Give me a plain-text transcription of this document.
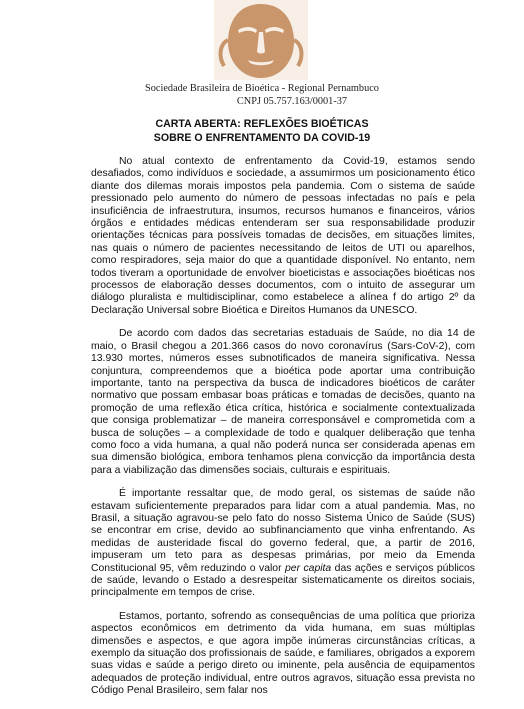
Sociedade Brasileira de Bioética - Regional Pernambuco
CNPJ 05.757.163/0001-37
CARTA ABERTA: REFLEXÕES BIOÉTICAS
SOBRE O ENFRENTAMENTO DA COVID-19

No atual contexto de enfrentamento da Covid-19, estamos sendo desafiados, como indivíduos e sociedade, a assumirmos um posicionamento ético diante dos dilemas morais impostos pela pandemia. Com o sistema de saúde pressionado pelo aumento do número de pessoas infectadas no país e pela insuficiência de infraestrutura, insumos, recursos humanos e financeiros, vários órgãos e entidades médicas entenderam ser sua responsabilidade produzir orientações técnicas para possíveis tomadas de decisões, em situações limites, nas quais o número de pacientes necessitando de leitos de UTI ou aparelhos, como respiradores, seja maior do que a quantidade disponível. No entanto, nem todos tiveram a oportunidade de envolver bioeticistas e associações bioéticas nos processos de elaboração desses documentos, com o intuito de assegurar um diálogo pluralista e multidisciplinar, como estabelece a alínea f do artigo 2º da Declaração Universal sobre Bioética e Direitos Humanos da UNESCO.

De acordo com dados das secretarias estaduais de Saúde, no dia 14 de maio, o Brasil chegou a 201.366 casos do novo coronavírus (Sars-CoV-2), com 13.930 mortes, números esses subnotificados de maneira significativa. Nessa conjuntura, compreendemos que a bioética pode aportar uma contribuição importante, tanto na perspectiva da busca de indicadores bioéticos de caráter normativo que possam embasar boas práticas e tomadas de decisões, quanto na promoção de uma reflexão ética crítica, histórica e socialmente contextualizada que consiga problematizar – de maneira corresponsável e comprometida com a busca de soluções – a complexidade de todo e qualquer deliberação que tenha como foco a vida humana, a qual não poderá nunca ser considerada apenas em sua dimensão biológica, embora tenhamos plena convicção da importância desta para a viabilização das dimensões sociais, culturais e espirituais.

É importante ressaltar que, de modo geral, os sistemas de saúde não estavam suficientemente preparados para lidar com a atual pandemia. Mas, no Brasil, a situação agravou-se pelo fato do nosso Sistema Único de Saúde (SUS) se encontrar em crise, devido ao subfinanciamento que vinha enfrentando. As medidas de austeridade fiscal do governo federal, que, a partir de 2016, impuseram um teto para as despesas primárias, por meio da Emenda Constitucional 95, vêm reduzindo o valor per capita das ações e serviços públicos de saúde, levando o Estado a desrespeitar sistematicamente os direitos sociais, principalmente em tempos de crise.

Estamos, portanto, sofrendo as consequências de uma política que prioriza aspectos econômicos em detrimento da vida humana, em suas múltiplas dimensões e aspectos, e que agora impõe inúmeras circunstâncias críticas, a exemplo da situação dos profissionais de saúde, e familiares, obrigados a exporem suas vidas e saúde a perigo direto ou iminente, pela ausência de equipamentos adequados de proteção individual, entre outros agravos, situação essa prevista no Código Penal Brasileiro, sem falar nos
